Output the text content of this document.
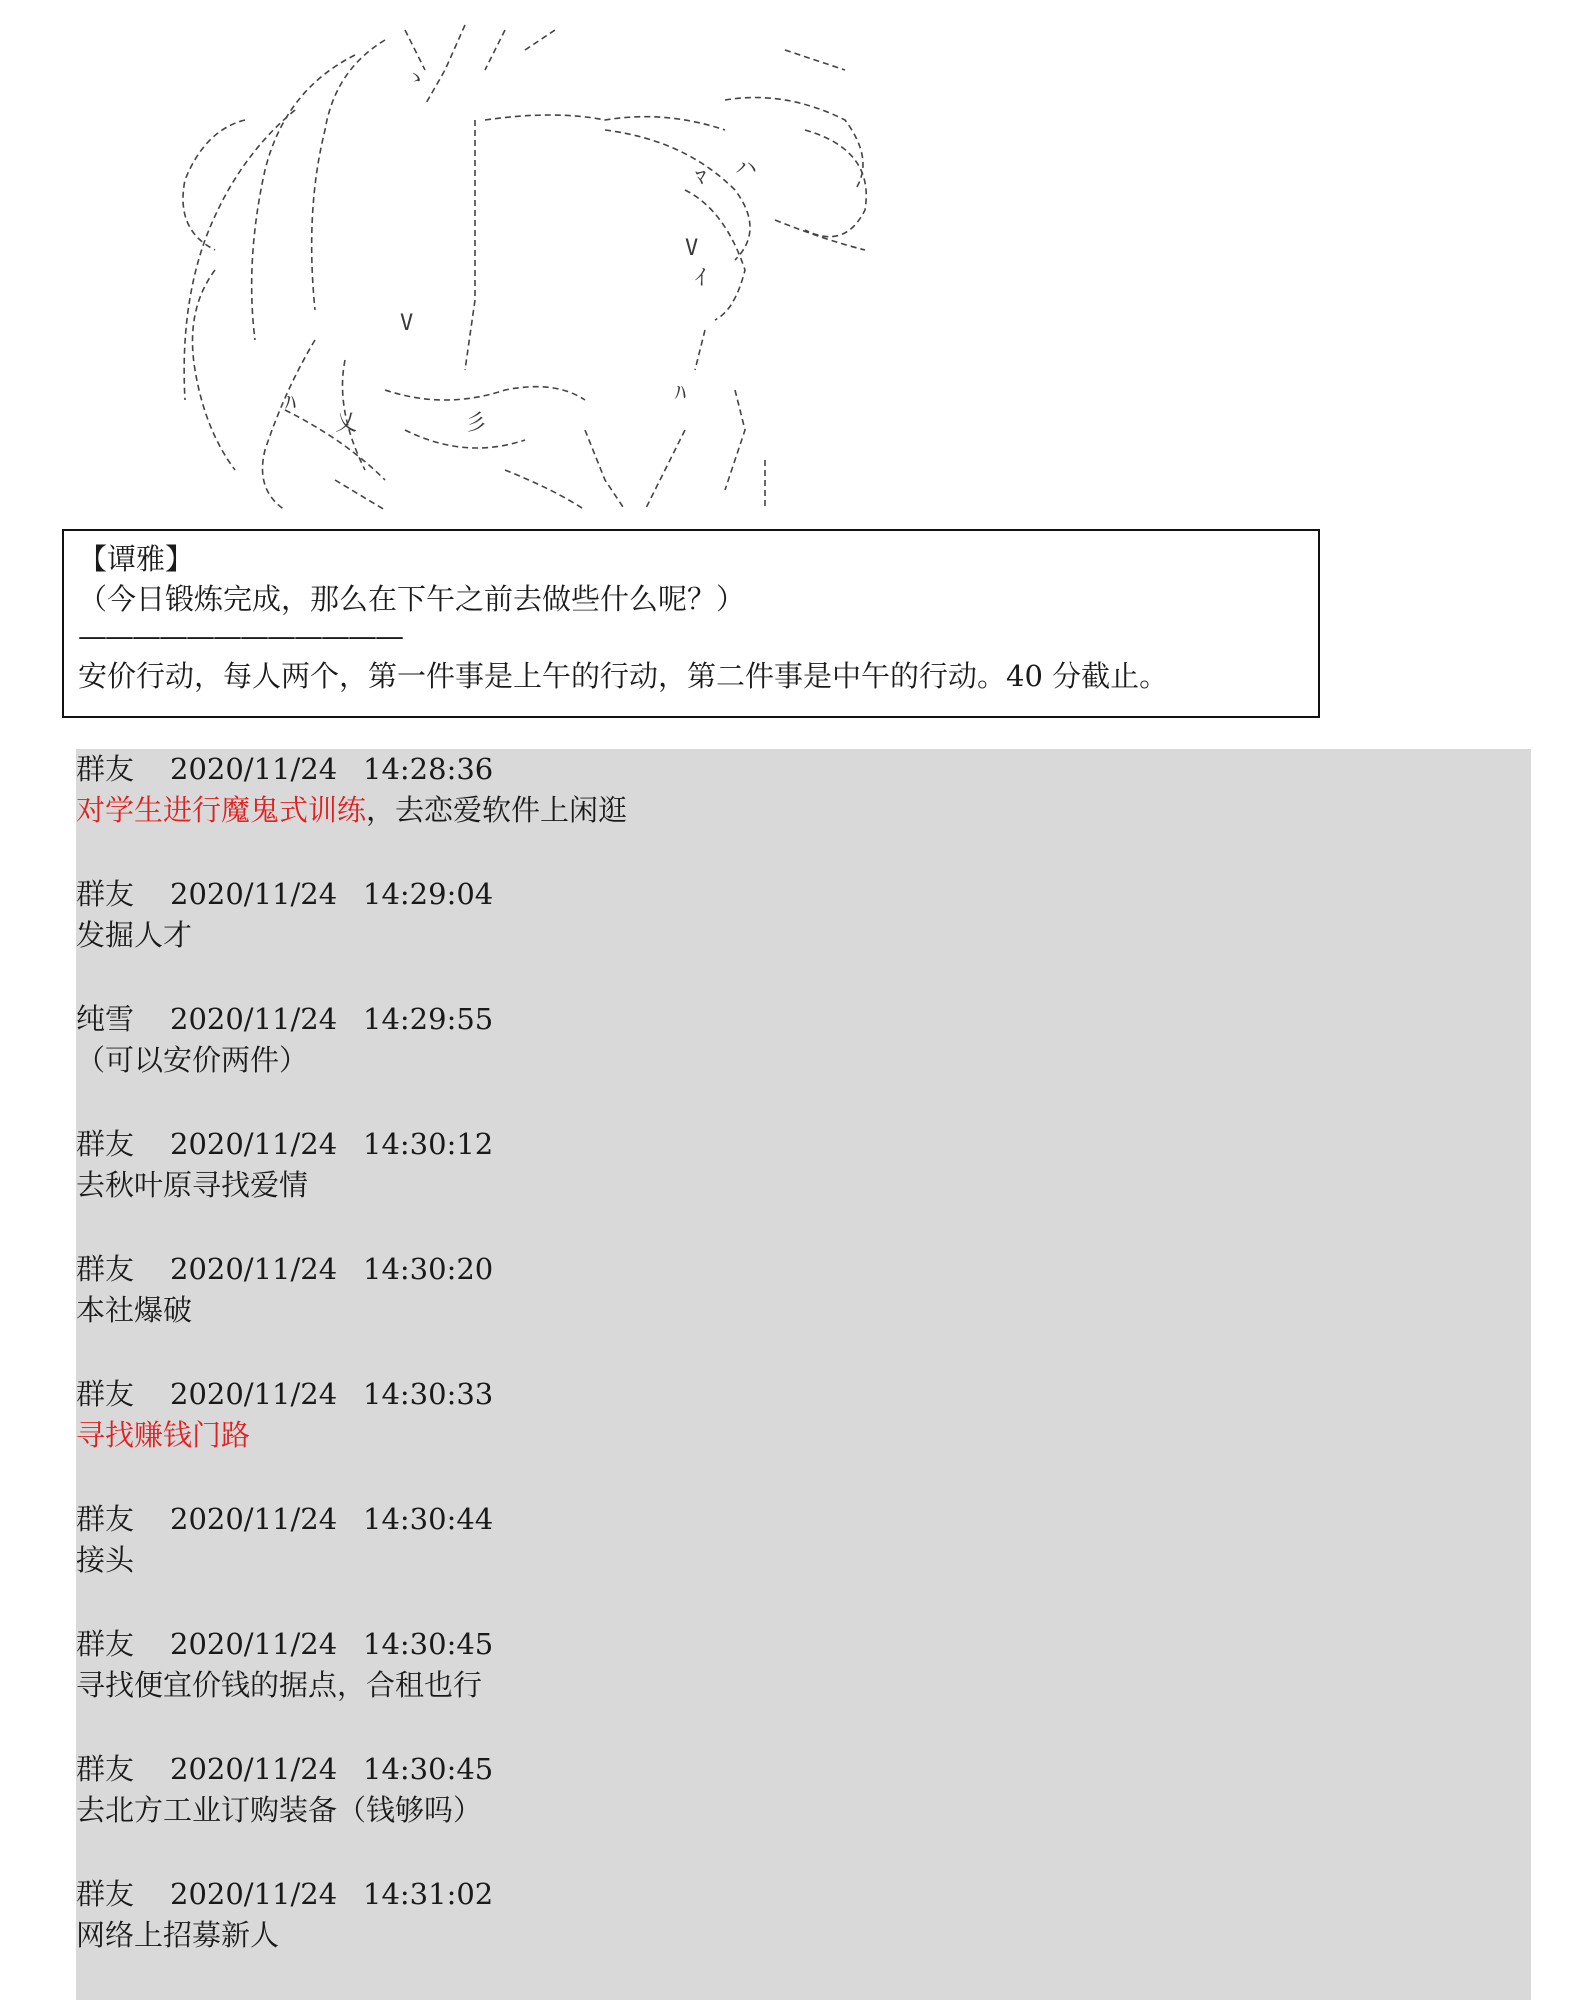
ゝ
ﾏ ハ
V
ｲ
V
ﾊ
乂	彡
ﾊ
【谭雅】
（今日锻炼完成，那么在下午之前去做些什么呢？）
————————————
安价行动，每人两个，第一件事是上午的行动，第二件事是中午的行动。40 分截止。
群友 2020/11/24 14:28:36
对学生进行魔鬼式训练，去恋爱软件上闲逛
群友 2020/11/24 14:29:04
发掘人才
纯雪 2020/11/24 14:29:55
（可以安价两件）
群友 2020/11/24 14:30:12
去秋叶原寻找爱情
群友 2020/11/24 14:30:20
本社爆破
群友 2020/11/24 14:30:33
寻找赚钱门路
群友 2020/11/24 14:30:44
接头
群友 2020/11/24 14:30:45
寻找便宜价钱的据点，合租也行
群友 2020/11/24 14:30:45
去北方工业订购装备（钱够吗）
群友 2020/11/24 14:31:02
网络上招募新人
